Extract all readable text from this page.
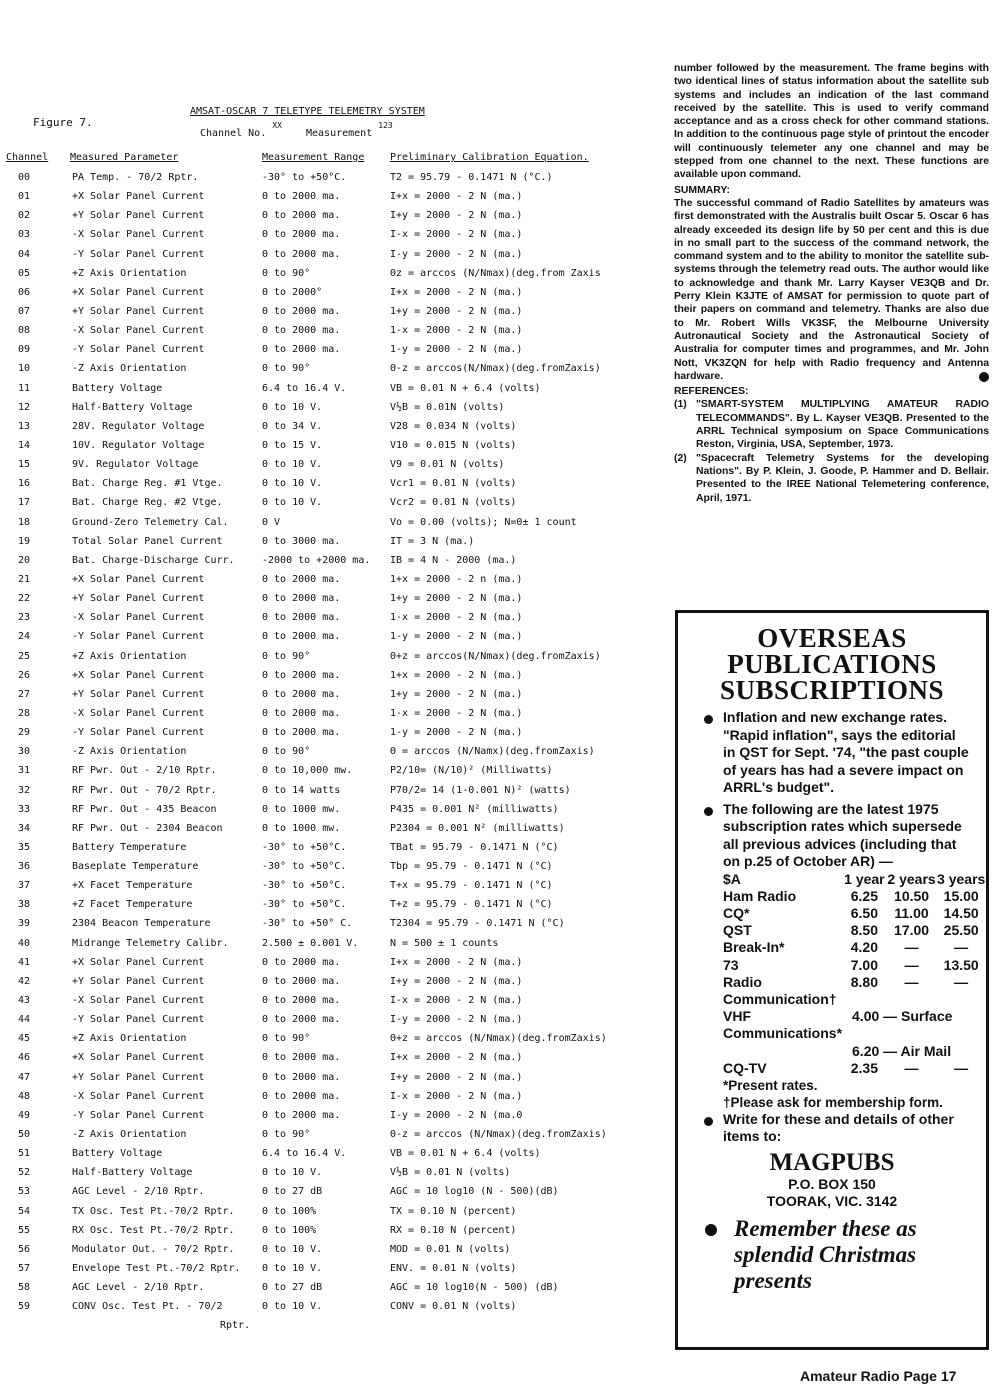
Figure 7.
AMSAT-OSCAR 7 TELETYPE TELEMETRY SYSTEM
Channel No. $^{XX}$    Measurement $^{123}$
Channel Measured Parameter	Measurement Range	Preliminary Calibration Equation.
00	PA Temp. - 70/2 Rptr.	-30° to +50°C.	T2 = 95.79 - 0.1471 N (°C.)
01	+X Solar Panel Current	0 to 2000 ma.	I+x = 2000 - 2 N (ma.)
02	+Y Solar Panel Current	0 to 2000 ma.	I+y = 2000 - 2 N (ma.)
03	-X Solar Panel Current	0 to 2000 ma.	I-x = 2000 - 2 N (ma.)
04	-Y Solar Panel Current	0 to 2000 ma.	I-y = 2000 - 2 N (ma.)
05	+Z Axis Orientation	0 to 90°	Θz = arccos (N/Nmax)(deg.from Zaxis
06	+X Solar Panel Current	0 to 2000°	I+x = 2000 - 2 N (ma.)
07	+Y Solar Panel Current	0 to 2000 ma.	1+y = 2000 - 2 N (ma.)
08	-X Solar Panel Current	0 to 2000 ma.	1-x = 2000 - 2 N (ma.)
09	-Y Solar Panel Current	0 to 2000 ma.	1-y = 2000 - 2 N (ma.)
10	-Z Axis Orientation	0 to 90°	Θ-z = arccos(N/Nmax)(deg.fromZaxis)
11	Battery Voltage	6.4 to 16.4 V.	VB = 0.01 N + 6.4 (volts)
12	Half-Battery Voltage	0 to 10 V.	V½B = 0.01N (volts)
13	28V. Regulator Voltage	0 to 34 V.	V28 = 0.034 N (volts)
14	10V. Regulator Voltage	0 to 15 V.	V10 = 0.015 N (volts)
15	9V. Regulator Voltage	0 to 10 V.	V9 = 0.01 N (volts)
16	Bat. Charge Reg. #1 Vtge.	0 to 10 V.	Vcr1 = 0.01 N (volts)
17	Bat. Charge Reg. #2 Vtge.	0 to 10 V.	Vcr2 = 0.01 N (volts)
18	Ground-Zero Telemetry Cal.	0 V	Vo = 0.00 (volts); N=0± 1 count
19	Total Solar Panel Current	0 to 3000 ma.	IT = 3 N (ma.)
20	Bat. Charge-Discharge Curr.	-2000 to +2000 ma. IB = 4 N - 2000 (ma.)
21	+X Solar Panel Current	0 to 2000 ma.	1+x = 2000 - 2 n (ma.)
22	+Y Solar Panel Current	0 to 2000 ma.	1+y = 2000 - 2 N (ma.)
23	-X Solar Panel Current	0 to 2000 ma.	1-x = 2000 - 2 N (ma.)
24	-Y Solar Panel Current	0 to 2000 ma.	1-y = 2000 - 2 N (ma.)
25	+Z Axis Orientation	0 to 90°	Θ+z = arccos(N/Nmax)(deg.fromZaxis)
26	+X Solar Panel Current	0 to 2000 ma.	1+x = 2000 - 2 N (ma.)
27	+Y Solar Panel Current	0 to 2000 ma.	1+y = 2000 - 2 N (ma.)
28	-X Solar Panel Current	0 to 2000 ma.	1-x = 2000 - 2 N (ma.)
29	-Y Solar Panel Current	0 to 2000 ma.	1-y = 2000 - 2 N (ma.)
30	-Z Axis Orientation	0 to 90°	Θ = arccos (N/Namx)(deg.fromZaxis)
31	RF Pwr. Out - 2/10 Rptr.	0 to 10,000 mw.	P2/10= (N/10)² (Milliwatts)
32	RF Pwr. Out - 70/2 Rptr.	0 to 14 watts	P70/2= 14 (1-0.001 N)² (watts)
33	RF Pwr. Out - 435 Beacon	0 to 1000 mw.	P435 = 0.001 N² (milliwatts)
34	RF Pwr. Out - 2304 Beacon	0 to 1000 mw.	P2304 = 0.001 N² (milliwatts)
35	Battery Temperature	-30° to +50°C.	TBat = 95.79 - 0.1471 N (°C)
36	Baseplate Temperature	-30° to +50°C.	Tbp = 95.79 - 0.1471 N (°C)
37	+X Facet Temperature	-30° to +50°C.	T+x = 95.79 - 0.1471 N (°C)
38	+Z Facet Temperature	-30° to +50°C.	T+z = 95.79 - 0.1471 N (°C)
39	2304 Beacon Temperature	-30° to +50° C.	T2304 = 95.79 - 0.1471 N (°C)
40	Midrange Telemetry Calibr.	2.500 ± 0.001 V.	N = 500 ± 1 counts
41	+X Solar Panel Current	0 to 2000 ma.	I+x = 2000 - 2 N (ma.)
42	+Y Solar Panel Current	0 to 2000 ma.	I+y = 2000 - 2 N (ma.)
43	-X Solar Panel Current	0 to 2000 ma.	I-x = 2000 - 2 N (ma.)
44	-Y Solar Panel Current	0 to 2000 ma.	I-y = 2000 - 2 N (ma.)
45	+Z Axis Orientation	0 to 90°	Θ+z = arccos (N/Nmax)(deg.fromZaxis)
46	+X Solar Panel Current	0 to 2000 ma.	I+x = 2000 - 2 N (ma.)
47	+Y Solar Panel Current	0 to 2000 ma.	I+y = 2000 - 2 N (ma.)
48	-X Solar Panel Current	0 to 2000 ma.	I-x = 2000 - 2 N (ma.)
49	-Y Solar Panel Current	0 to 2000 ma.	I-y = 2000 - 2 N (ma.0
50	-Z Axis Orientation	0 to 90°	Θ-z = arccos (N/Nmax)(deg.fromZaxis)
51	Battery Voltage	6.4 to 16.4 V.	VB = 0.01 N + 6.4 (volts)
52	Half-Battery Voltage	0 to 10 V.	V½B = 0.01 N (volts)
53	AGC Level - 2/10 Rptr.	0 to 27 dB	AGC = 10 log10 (N - 500)(dB)
54	TX Osc. Test Pt.-70/2 Rptr.	0 to 100%	TX = 0.10 N (percent)
55	RX Osc. Test Pt.-70/2 Rptr.	0 to 100%	RX = 0.10 N (percent)
56	Modulator Out. - 70/2 Rptr.	0 to 10 V.	MOD = 0.01 N (volts)
57	Envelope Test Pt.-70/2 Rptr. 0 to 10 V.	ENV. = 0.01 N (volts)
58	AGC Level - 2/10 Rptr.	0 to 27 dB	AGC = 10 log10(N - 500) (dB)
59	CONV Osc. Test Pt. - 70/2	0 to 10 V.	CONV = 0.01 N (volts)
Rptr.

number followed by the measurement. The frame begins with two identical lines of status information about the satellite sub systems and includes an indication of the last command received by the satellite. This is used to verify command acceptance and as a cross check for other command stations. In addition to the continuous page style of printout the encoder will continuously telemeter any one channel and may be stepped from one channel to the next. These functions are available upon command.

SUMMARY:

The successful command of Radio Satellites by amateurs was first demonstrated with the Australis built Oscar 5. Oscar 6 has already exceeded its design life by 50 per cent and this is due in no small part to the success of the command network, the command system and to the ability to monitor the satellite sub-systems through the telemetry read outs. The author would like to acknowledge and thank Mr. Larry Kayser VE3QB and Dr. Perry Klein K3JTE of AMSAT for permission to quote part of their papers on command and telemetry. Thanks are also due to Mr. Robert Wills VK3SF, the Melbourne University Autronautical Society and the Astronautical Society of Australia for computer times and programmes, and Mr. John Nott, VK3ZQN for help with Radio frequency and Antenna hardware.

REFERENCES:

(1) "SMART-SYSTEM MULTIPLYING AMATEUR RADIO TELECOMMANDS". By L. Kayser VE3QB. Presented to the ARRL Technical symposium on Space Communications Reston, Virginia, USA, September, 1973.
(2) "Spacecraft Telemetry Systems for the developing Nations". By P. Klein, J. Goode, P. Hammer and D. Bellair. Presented to the IREE National Telemetering conference, April, 1971.
OVERSEAS PUBLICATIONS SUBSCRIPTIONS
Inflation and new exchange rates. "Rapid inflation", says the editorial in QST for Sept. '74, "the past couple of years has had a severe impact on ARRL's budget".
The following are the latest 1975 subscription rates which supersede all previous advices (including that on p.25 of October AR) —
$A	1 year	2 years	3 years
Ham Radio	6.25	10.50	15.00
CQ*	6.50	11.00	14.50
QST	8.50	17.00	25.50
Break-In*	4.20	—	—
73	7.00	—	13.50
Radio Communication†	8.80	—	—
VHF Communications*	4.00 — Surface		
	6.20 — Air Mail		
CQ-TV	2.35	—	—
*Present rates.
†Please ask for membership form.
Write for these and details of other items to:
MAGPUBS
P.O. BOX 150
TOORAK, VIC. 3142
Remember these as splendid Christmas presents
Amateur Radio Page 17
